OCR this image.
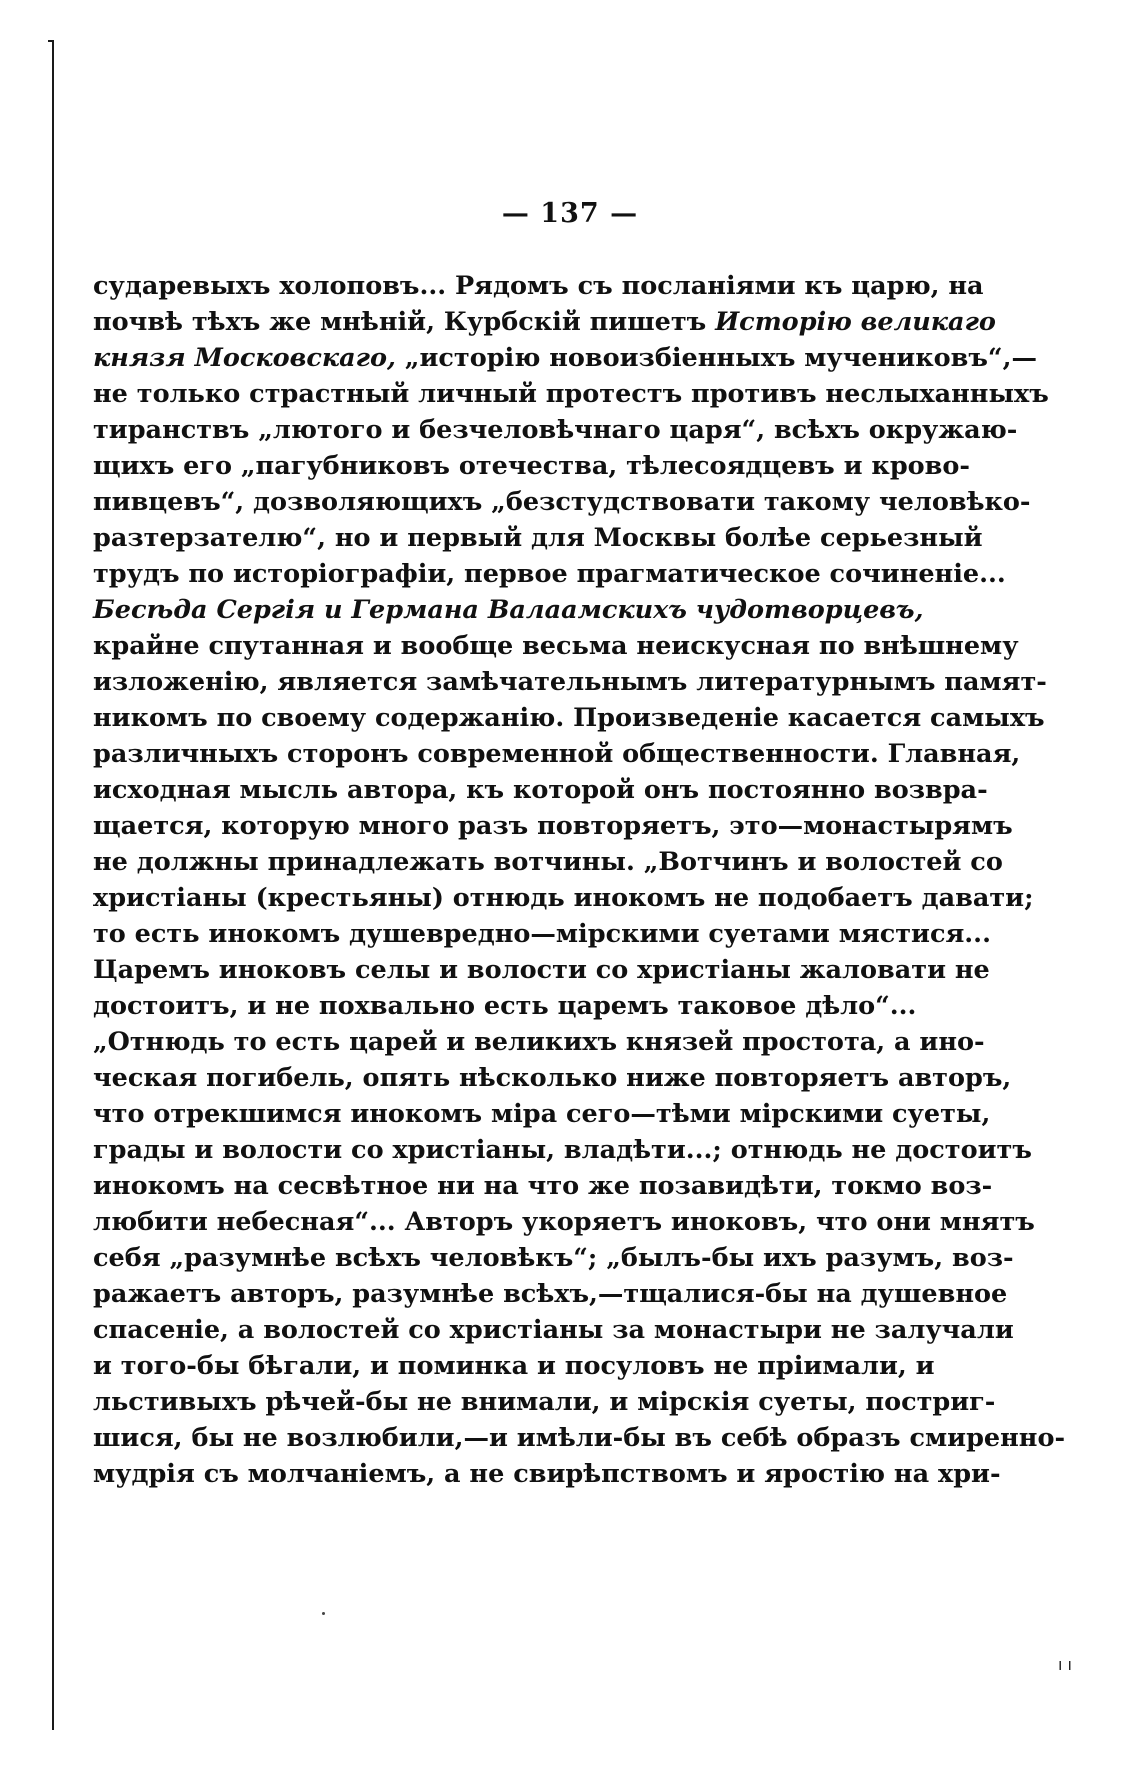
— 137 —
сударевыхъ холоповъ... Рядомъ съ посланіями къ царю, на
почвѣ тѣхъ же мнѣній, Курбскій пишетъ Исторію великаго
князя Московскаго, „исторію новоизбіенныхъ мучениковъ“,—
не только страстный личный протестъ противъ неслыханныхъ
тиранствъ „лютого и безчеловѣчнаго царя“, всѣхъ окружаю-
щихъ его „пагубниковъ отечества, тѣлесоядцевъ и крово-
пивцевъ“, дозволяющихъ „безстудствовати такому человѣко-
разтерзателю“, но и первый для Москвы болѣе серьезный
трудъ по исторіографіи, первое прагматическое сочиненіе...
Бесѣда Сергія и Германа Валаамскихъ чудотворцевъ,
крайне спутанная и вообще весьма неискусная по внѣшнему
изложенію, является замѣчательнымъ литературнымъ памят-
никомъ по своему содержанію. Произведеніе касается самыхъ
различныхъ сторонъ современной общественности. Главная,
исходная мысль автора, къ которой онъ постоянно возвра-
щается, которую много разъ повторяетъ, это—монастырямъ
не должны принадлежать вотчины. „Вотчинъ и волостей со
христіаны (крестьяны) отнюдь инокомъ не подобаетъ давати;
то есть инокомъ душевредно—мірскими суетами мястися...
Царемъ иноковъ селы и волости со христіаны жаловати не
достоитъ, и не похвально есть царемъ таковое дѣло“...
„Отнюдь то есть царей и великихъ князей простота, а ино-
ческая погибель, опять нѣсколько ниже повторяетъ авторъ,
что отрекшимся инокомъ міра сего—тѣми мірскими суеты,
грады и волости со христіаны, владѣти...; отнюдь не достоитъ
инокомъ на сесвѣтное ни на что же позавидѣти, токмо воз-
любити небесная“... Авторъ укоряетъ иноковъ, что они мнятъ
себя „разумнѣе всѣхъ человѣкъ“; „былъ-бы ихъ разумъ, воз-
ражаетъ авторъ, разумнѣе всѣхъ,—тщалися-бы на душевное
спасеніе, а волостей со христіаны за монастыри не залучали
и того-бы бѣгали, и поминка и посуловъ не пріимали, и
льстивыхъ рѣчей-бы не внимали, и мірскія суеты, постриг-
шися, бы не возлюбили,—и имѣли-бы въ себѣ образъ смиренно-
мудрія съ молчаніемъ, а не свирѣпствомъ и яростію на хри-
ı ı
